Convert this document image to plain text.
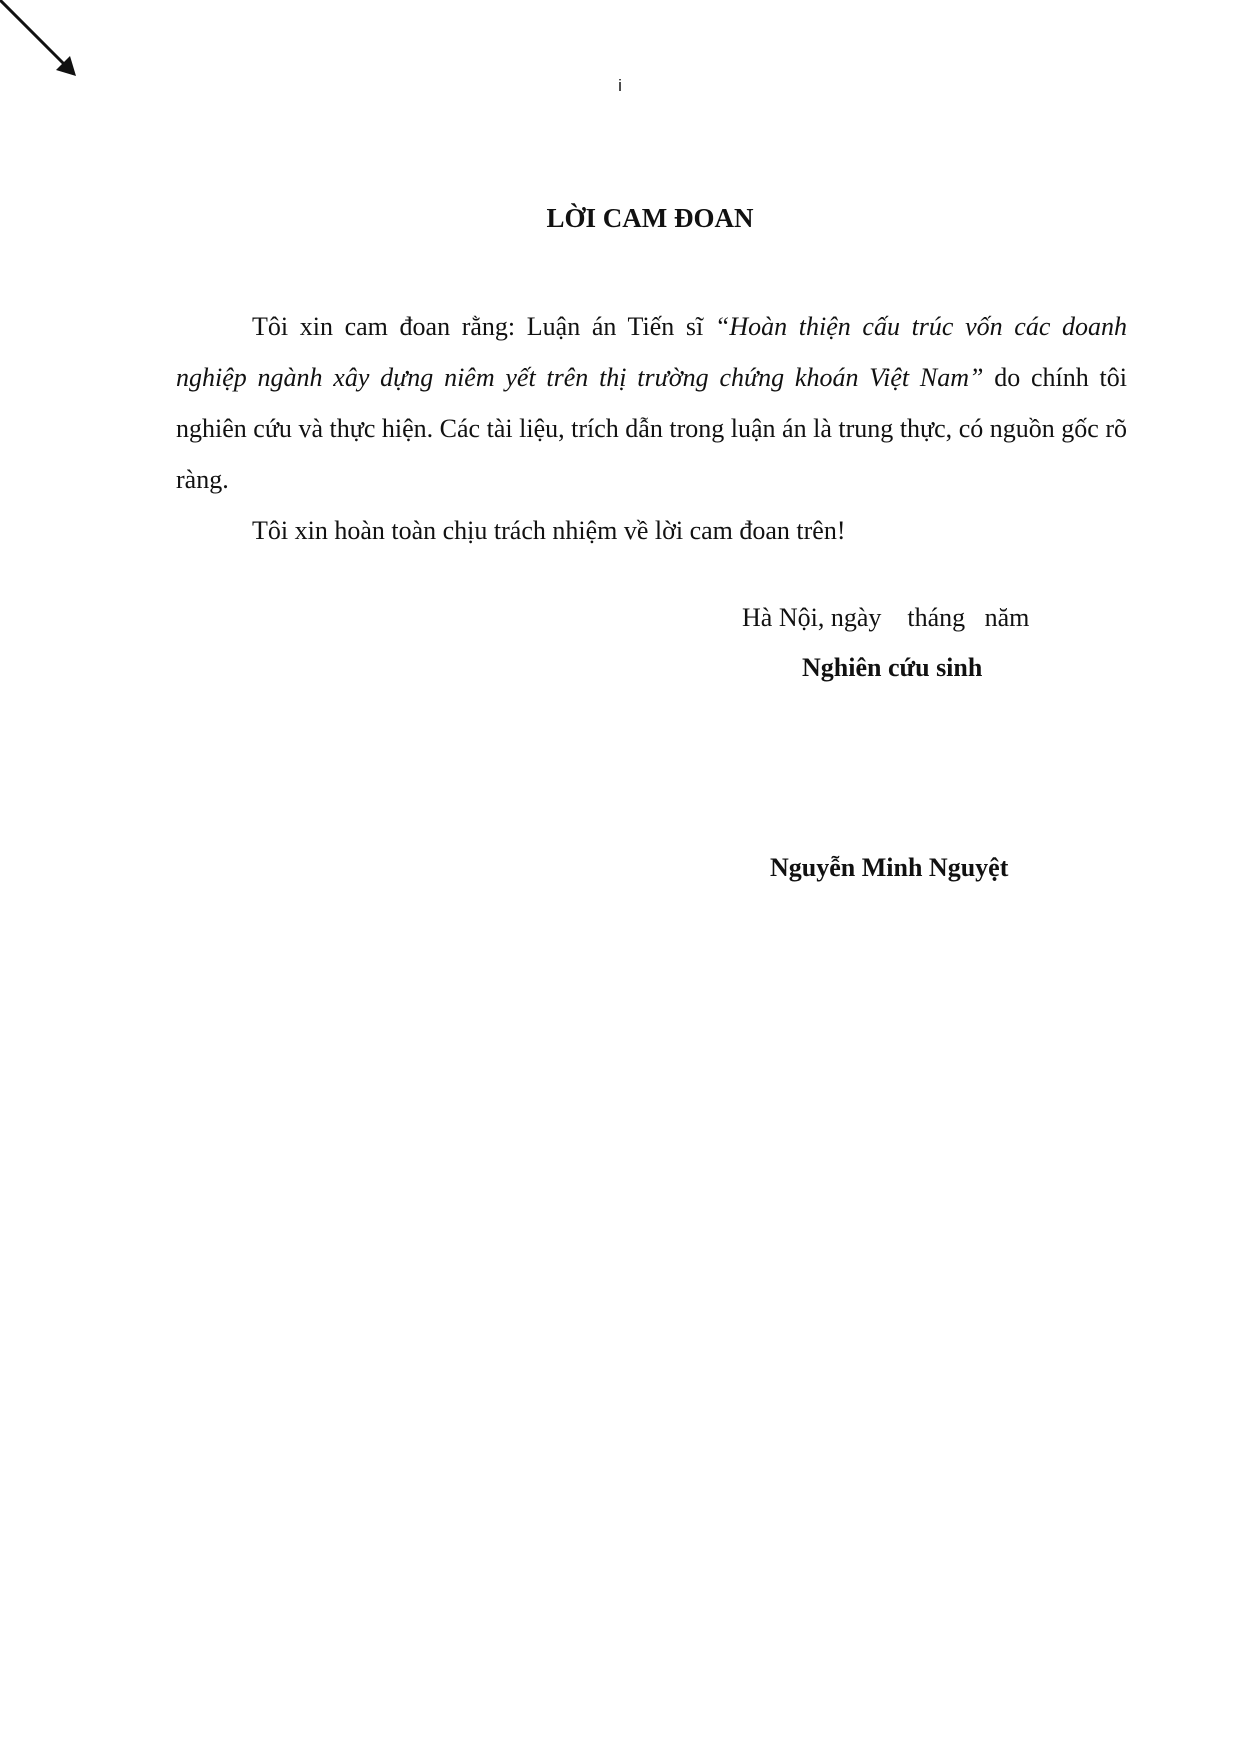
i
LỜI CAM ĐOAN

Tôi xin cam đoan rằng: Luận án Tiến sĩ “Hoàn thiện cấu trúc vốn các doanh nghiệp ngành xây dựng niêm yết trên thị trường chứng khoán Việt Nam” do chính tôi nghiên cứu và thực hiện. Các tài liệu, trích dẫn trong luận án là trung thực, có nguồn gốc rõ ràng.

Tôi xin hoàn toàn chịu trách nhiệm về lời cam đoan trên!

Hà Nội, ngày    tháng   năm
Nghiên cứu sinh
Nguyễn Minh Nguyệt
